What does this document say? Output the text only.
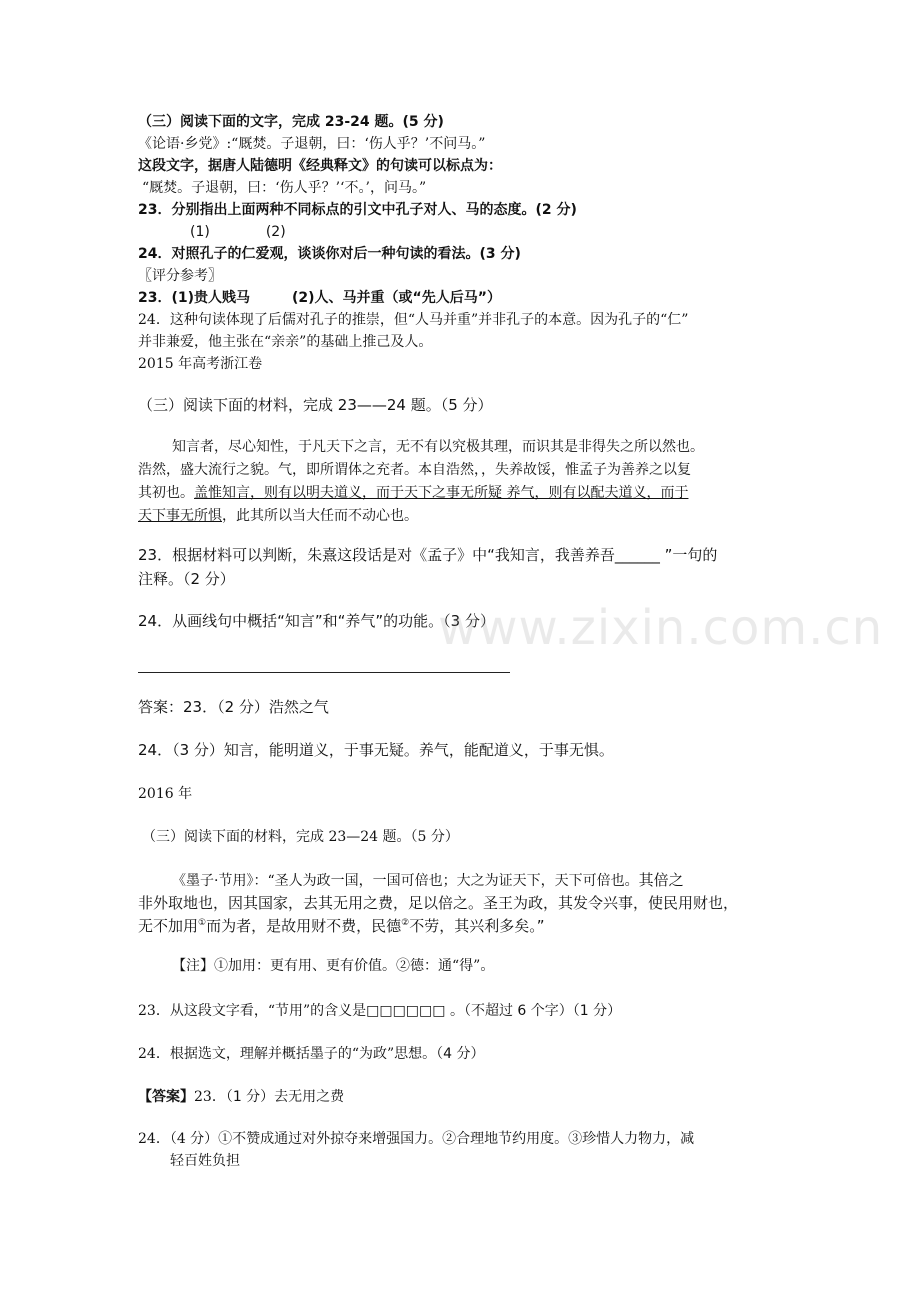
（三）阅读下面的文字，完成 23-24 题。(5 分)
《论语·乡党》:“厩焚。子退朝，曰：‘伤人乎？’不问马。”
这段文字，据唐人陆德明《经典释文》的句读可以标点为：
“厩焚。子退朝，曰：‘伤人乎？’‘不。’，问马。”
23．分别指出上面两种不同标点的引文中孔子对人、马的态度。(2 分)
(1)　　　　(2)
24．对照孔子的仁爱观，谈谈你对后一种句读的看法。(3 分)
〖评分参考〗
23．(1)贵人贱马　　　(2)人、马并重（或“先人后马”）
24．这种句读体现了后儒对孔子的推崇，但“人马并重”并非孔子的本意。因为孔子的“仁”
并非兼爱，他主张在“亲亲”的基础上推己及人。
2015 年高考浙江卷
（三）阅读下面的材料，完成 23——24 题。（5 分）
知言者，尽心知性，于凡天下之言，无不有以究极其理，而识其是非得失之所以然也。
浩然，盛大流行之貌。气，即所谓体之充者。本自浩然，，失养故馁，惟孟子为善养之以复
其初也。盖惟知言，则有以明夫道义，而于天下之事无所疑 养气，则有以配夫道义，而于
天下事无所惧，此其所以当大任而不动心也。
23．根据材料可以判断，朱熹这段话是对《孟子》中“我知言，我善养吾______ ”一句的
注释。（2 分）
24．从画线句中概括“知言”和“养气”的功能。（3 分）
答案：23．（2 分）浩然之气
24．（3 分）知言，能明道义，于事无疑。养气，能配道义，于事无惧。
2016 年
（三）阅读下面的材料，完成 23—24 题。（5 分）
《墨子·节用》：“圣人为政一国，一国可倍也；大之为证天下，天下可倍也。其倍之
非外取地也，因其国家，去其无用之费，足以倍之。圣王为政，其发令兴事，使民用财也，
无不加用①而为者，是故用财不费，民德②不劳，其兴利多矣。”
【注】①加用：更有用、更有价值。②德：通“得”。
23．从这段文字看，“节用”的含义是□□□□□□ 。（不超过 6 个字）（1 分）
24．根据选文，理解并概括墨子的“为政”思想。（4 分）
【答案】23．（1 分）去无用之费
24．（4 分）①不赞成通过对外掠夺来增强国力。②合理地节约用度。③珍惜人力物力，减
轻百姓负担
www.zixin.com.cn
